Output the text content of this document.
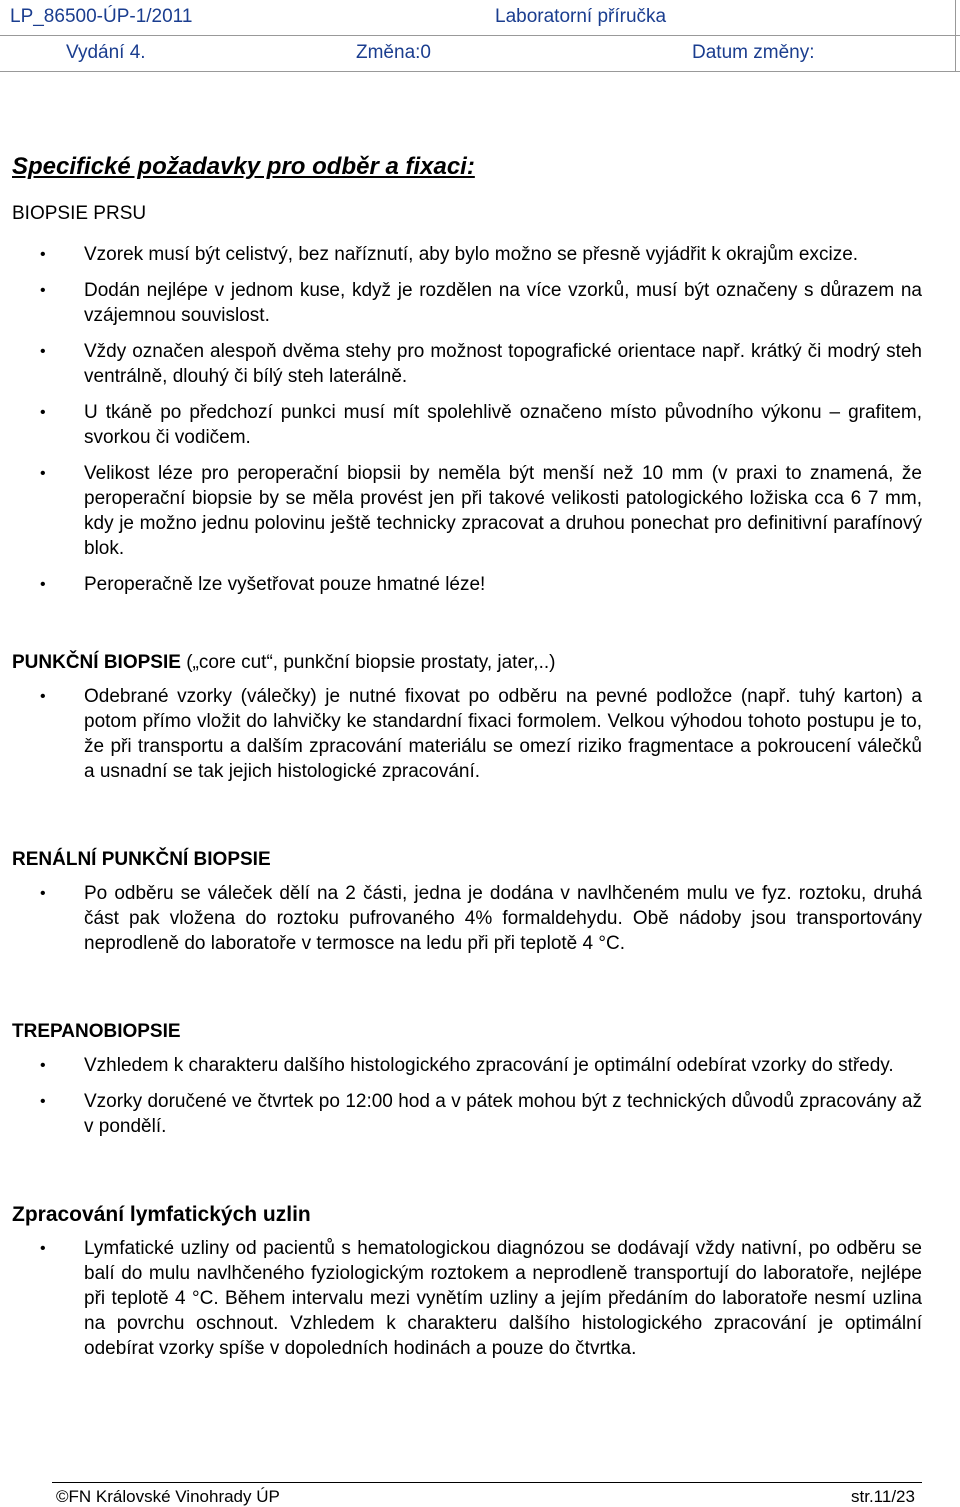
LP_86500-ÚP-1/2011	Laboratorní příručka
Vydání 4.	Změna:0	Datum změny:
Specifické požadavky pro odběr a fixaci:
BIOPSIE PRSU
• Vzorek musí být celistvý, bez naříznutí, aby bylo možno se přesně vyjádřit k okrajům excize.
• Dodán nejlépe v jednom kuse, když je rozdělen na více vzorků, musí být označeny s důrazem na vzájemnou souvislost.
• Vždy označen alespoň dvěma stehy pro možnost topografické orientace např. krátký či modrý steh ventrálně, dlouhý či bílý steh laterálně.
• U tkáně po předchozí punkci musí mít spolehlivě označeno místo původního výkonu – grafitem, svorkou či vodičem.
• Velikost léze pro peroperační biopsii by neměla být menší než 10 mm (v praxi to znamená, že peroperační biopsie by se měla provést jen při takové velikosti patologického ložiska cca 6 7 mm, kdy je možno jednu polovinu ještě technicky zpracovat a druhou ponechat pro definitivní parafínový blok.
• Peroperačně lze vyšetřovat pouze hmatné léze!
PUNKČNÍ BIOPSIE („core cut“, punkční biopsie prostaty, jater,..)
• Odebrané vzorky (válečky) je nutné fixovat po odběru na pevné podložce (např. tuhý karton) a potom přímo vložit do lahvičky ke standardní fixaci formolem. Velkou výhodou tohoto postupu je to, že při transportu a dalším zpracování materiálu se omezí riziko fragmentace a pokroucení válečků a usnadní se tak jejich histologické zpracování.
RENÁLNÍ PUNKČNÍ BIOPSIE
• Po odběru se váleček dělí na 2 části, jedna je dodána v navlhčeném mulu ve fyz. roztoku, druhá část pak vložena do roztoku pufrovaného 4% formaldehydu. Obě nádoby jsou transportovány neprodleně do laboratoře v termosce na ledu při při teplotě 4 °C.
TREPANOBIOPSIE
• Vzhledem k charakteru dalšího histologického zpracování je optimální odebírat vzorky do středy.
• Vzorky doručené ve čtvrtek po 12:00 hod a v pátek mohou být z technických důvodů zpracovány až v pondělí.
Zpracování lymfatických uzlin
• Lymfatické uzliny od pacientů s hematologickou diagnózou se dodávají vždy nativní, po odběru se balí do mulu navlhčeného fyziologickým roztokem a neprodleně transportují do laboratoře, nejlépe při teplotě 4 °C. Během intervalu mezi vynětím uzliny a jejím předáním do laboratoře nesmí uzlina na povrchu oschnout. Vzhledem k charakteru dalšího histologického zpracování je optimální odebírat vzorky spíše v dopoledních hodinách a pouze do čtvrtka.
©FN Královské Vinohrady ÚP	str.11/23
